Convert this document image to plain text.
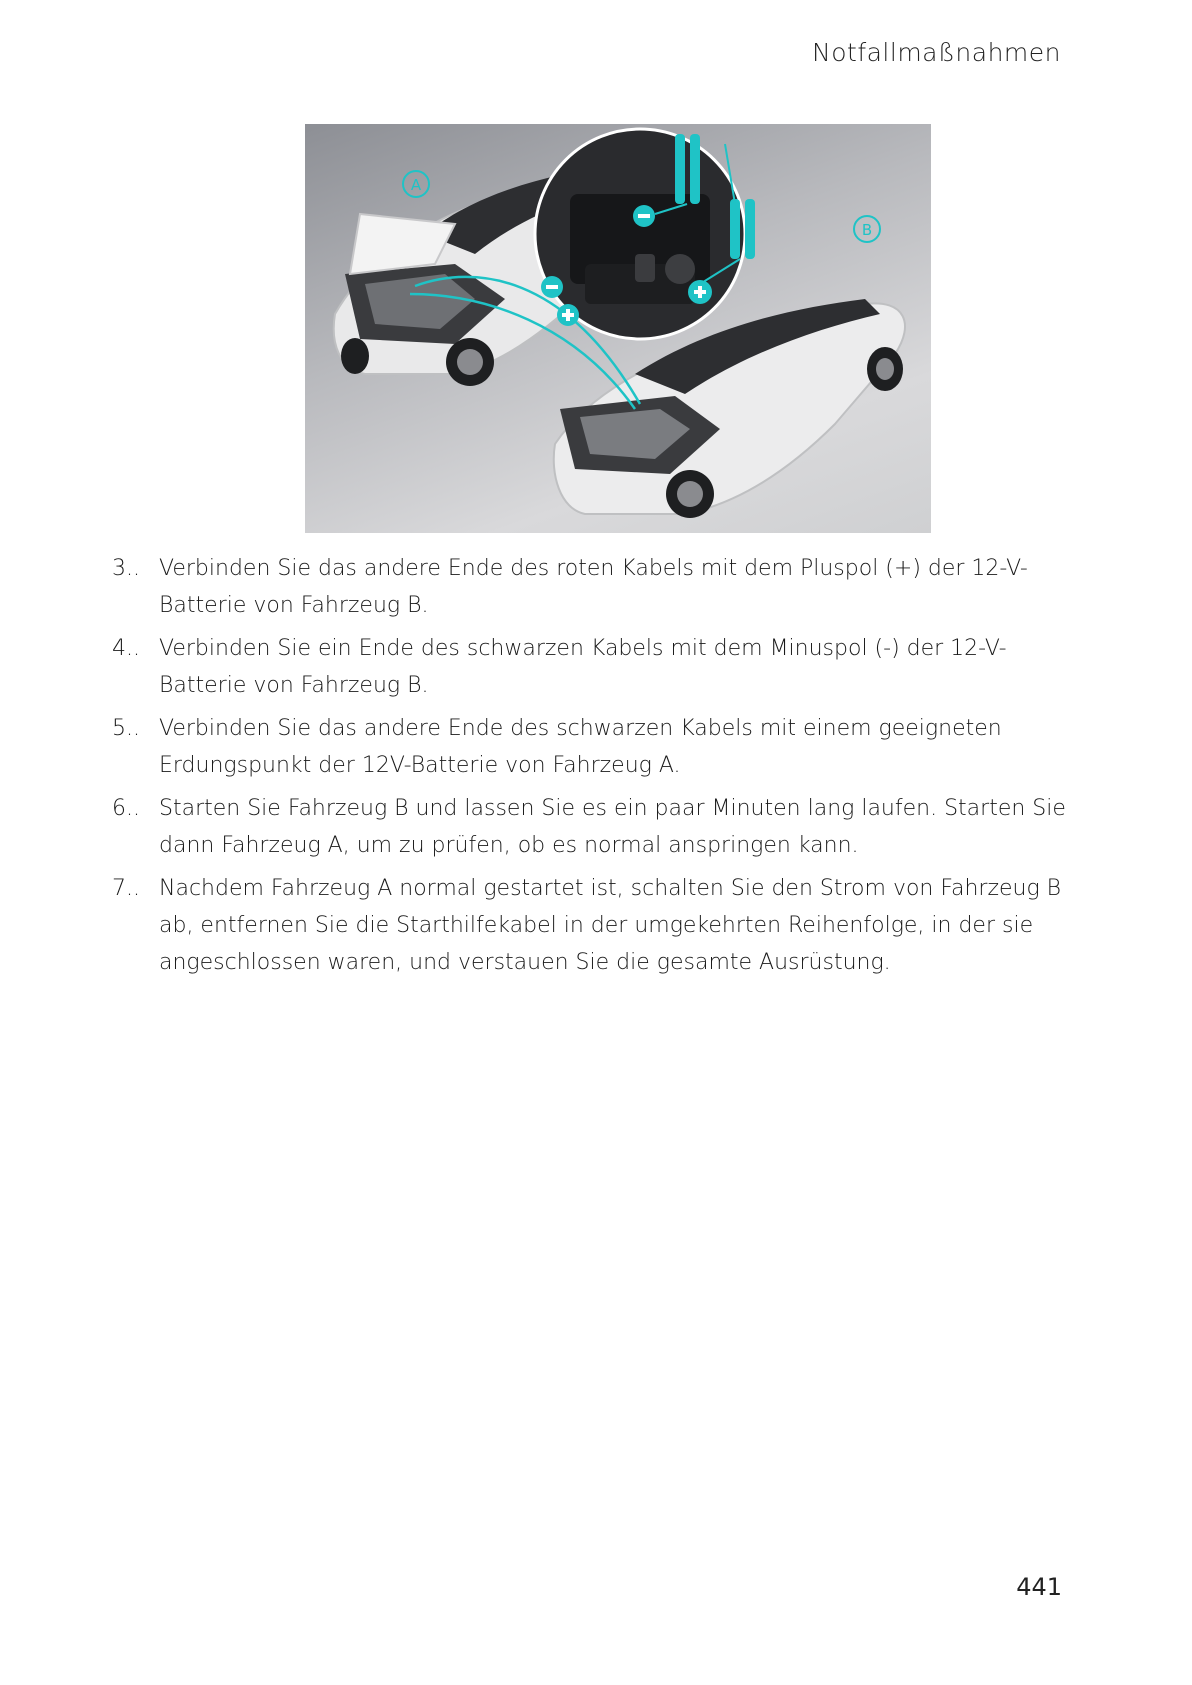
Notfallmaßnahmen
A
B
3.. Verbinden Sie das andere Ende des roten Kabels mit dem Pluspol (+) der 12-V-Batterie von Fahrzeug B.
4.. Verbinden Sie ein Ende des schwarzen Kabels mit dem Minuspol (-) der 12-V-Batterie von Fahrzeug B.
5.. Verbinden Sie das andere Ende des schwarzen Kabels mit einem geeigneten Erdungspunkt der 12V-Batterie von Fahrzeug A.
6.. Starten Sie Fahrzeug B und lassen Sie es ein paar Minuten lang laufen. Starten Sie dann Fahrzeug A, um zu prüfen, ob es normal anspringen kann.
7.. Nachdem Fahrzeug A normal gestartet ist, schalten Sie den Strom von Fahrzeug B ab, entfernen Sie die Starthilfekabel in der umgekehrten Reihenfolge, in der sie angeschlossen waren, und verstauen Sie die gesamte Ausrüstung.
441
